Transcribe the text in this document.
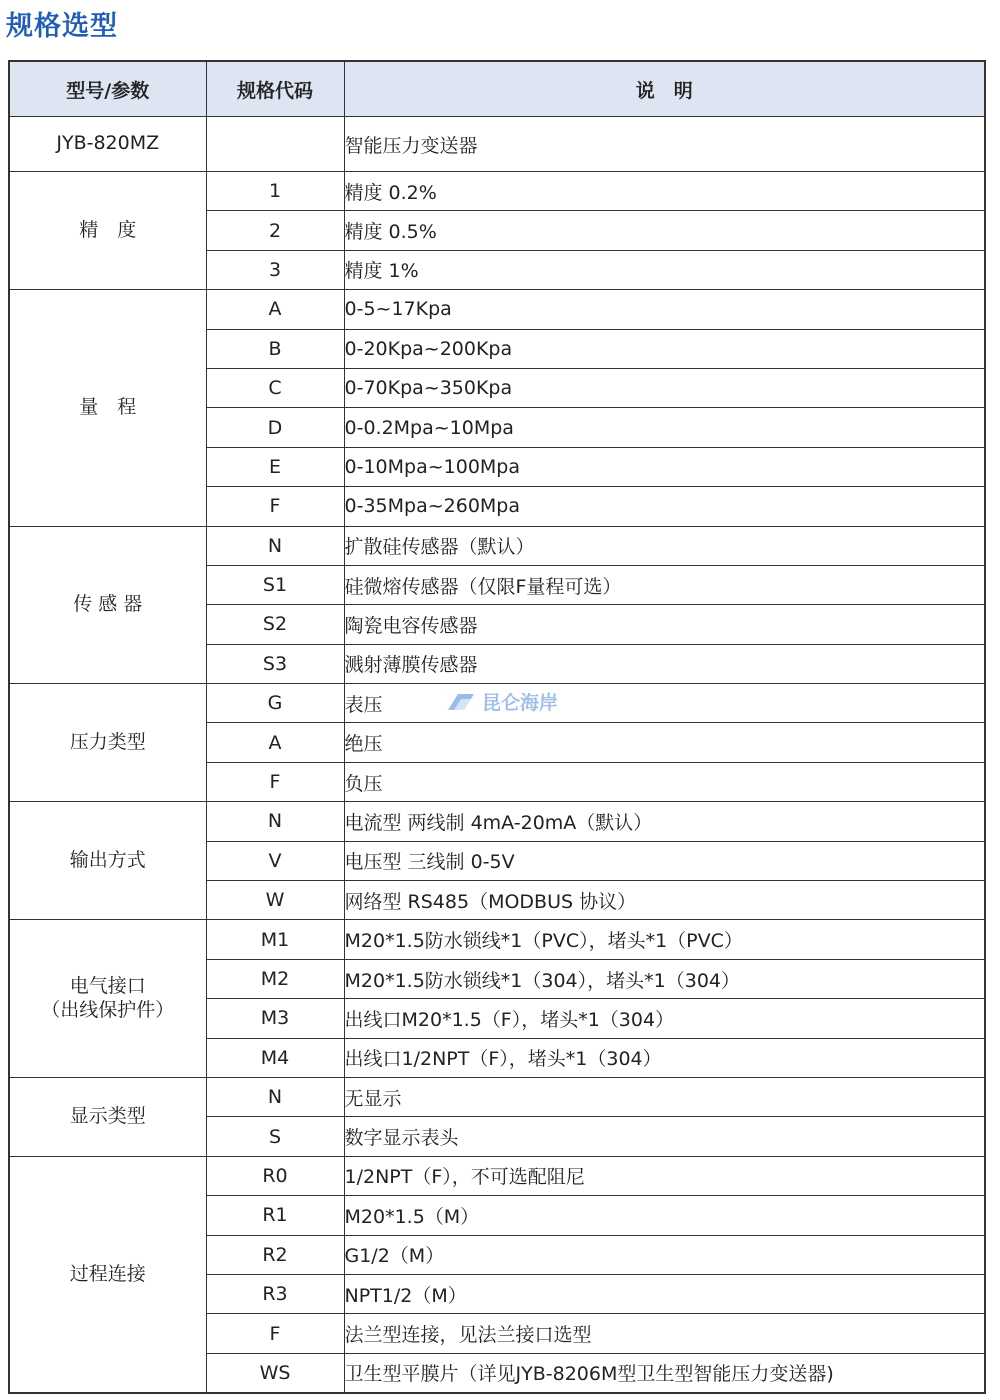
规格选型
型号/参数	规格代码	说　明

JYB-820MZ		智能压力变送器

精　度	1	精度 0.2%
	2	精度 0.5%
	3	精度 1%

量　程	A	0-5~17Kpa
	B	0-20Kpa~200Kpa
	C	0-70Kpa~350Kpa
	D	0-0.2Mpa~10Mpa
	E	0-10Mpa~100Mpa
	F	0-35Mpa~260Mpa

传 感 器	N	扩散硅传感器（默认）
	S1	硅微熔传感器（仅限F量程可选）
	S2	陶瓷电容传感器
	S3	溅射薄膜传感器

压力类型	G	表压
	A	绝压
	F	负压

输出方式	N	电流型 两线制 4mA-20mA（默认）
	V	电压型 三线制 0-5V
	W	网络型 RS485（MODBUS 协议）

电气接口
（出线保护件）	M1	M20*1.5防水锁线*1（PVC），堵头*1（PVC）
	M2	M20*1.5防水锁线*1（304），堵头*1（304）
	M3	出线口M20*1.5（F），堵头*1（304）
	M4	出线口1/2NPT（F），堵头*1（304）

显示类型	N	无显示
	S	数字显示表头

过程连接	R0	1/2NPT（F），不可选配阻尼
	R1	M20*1.5（M）
	R2	G1/2（M）
	R3	NPT1/2（M）
	F	法兰型连接，见法兰接口选型
	WS	卫生型平膜片（详见JYB-8206M型卫生型智能压力变送器)
昆仑海岸
